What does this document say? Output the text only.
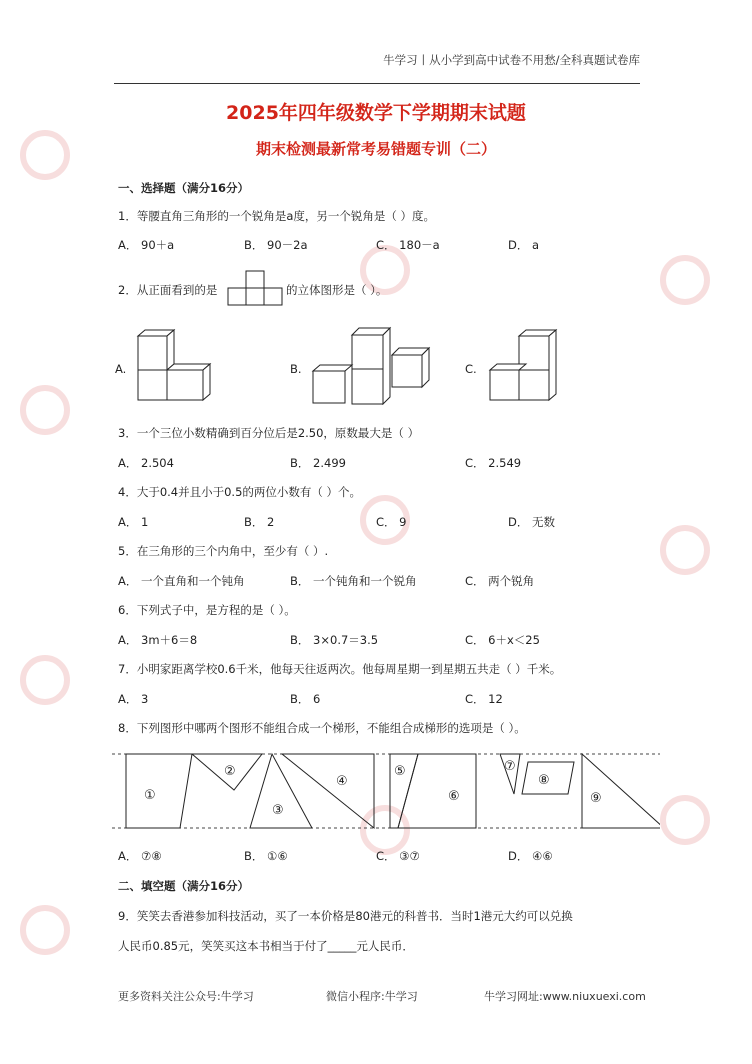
牛学习丨从小学到高中试卷不用愁/全科真题试卷库
2025年四年级数学下学期期末试题
期末检测最新常考易错题专训（二）
一、选择题（满分16分）
1．等腰直角三角形的一个锐角是a度，另一个锐角是（ ）度。
A． 90＋a	B． 90－2a	C． 180－a	D． a
2．从正面看到的是	的立体图形是（ ）。
A.	B.	C.
3．一个三位小数精确到百分位后是2.50，原数最大是（ ）
A． 2.504	B． 2.499	C． 2.549
4．大于0.4并且小于0.5的两位小数有（ ）个。
A． 1	B． 2	C． 9	D． 无数
5．在三角形的三个内角中，至少有（ ）.
A． 一个直角和一个钝角	B． 一个钝角和一个锐角	C． 两个锐角
6．下列式子中，是方程的是（ ）。
A． 3m＋6＝8	B． 3×0.7＝3.5	C． 6＋x＜25
7．小明家距离学校0.6千米，他每天往返两次。他每周星期一到星期五共走（ ）千米。
A． 3	B． 6	C． 12
8．下列图形中哪两个图形不能组合成一个梯形，不能组合成梯形的选项是（ ）。
①
②
③
④
⑤
⑥
⑦
⑧
⑨
A． ⑦⑧	B． ①⑥	C． ③⑦	D． ④⑥
二、填空题（满分16分）
9．笑笑去香港参加科技活动，买了一本价格是80港元的科普书．当时1港元大约可以兑换
人民币0.85元，笑笑买这本书相当于付了_____元人民币．
更多资料关注公众号:牛学习	微信小程序:牛学习	牛学习网址:www.niuxuexi.com
